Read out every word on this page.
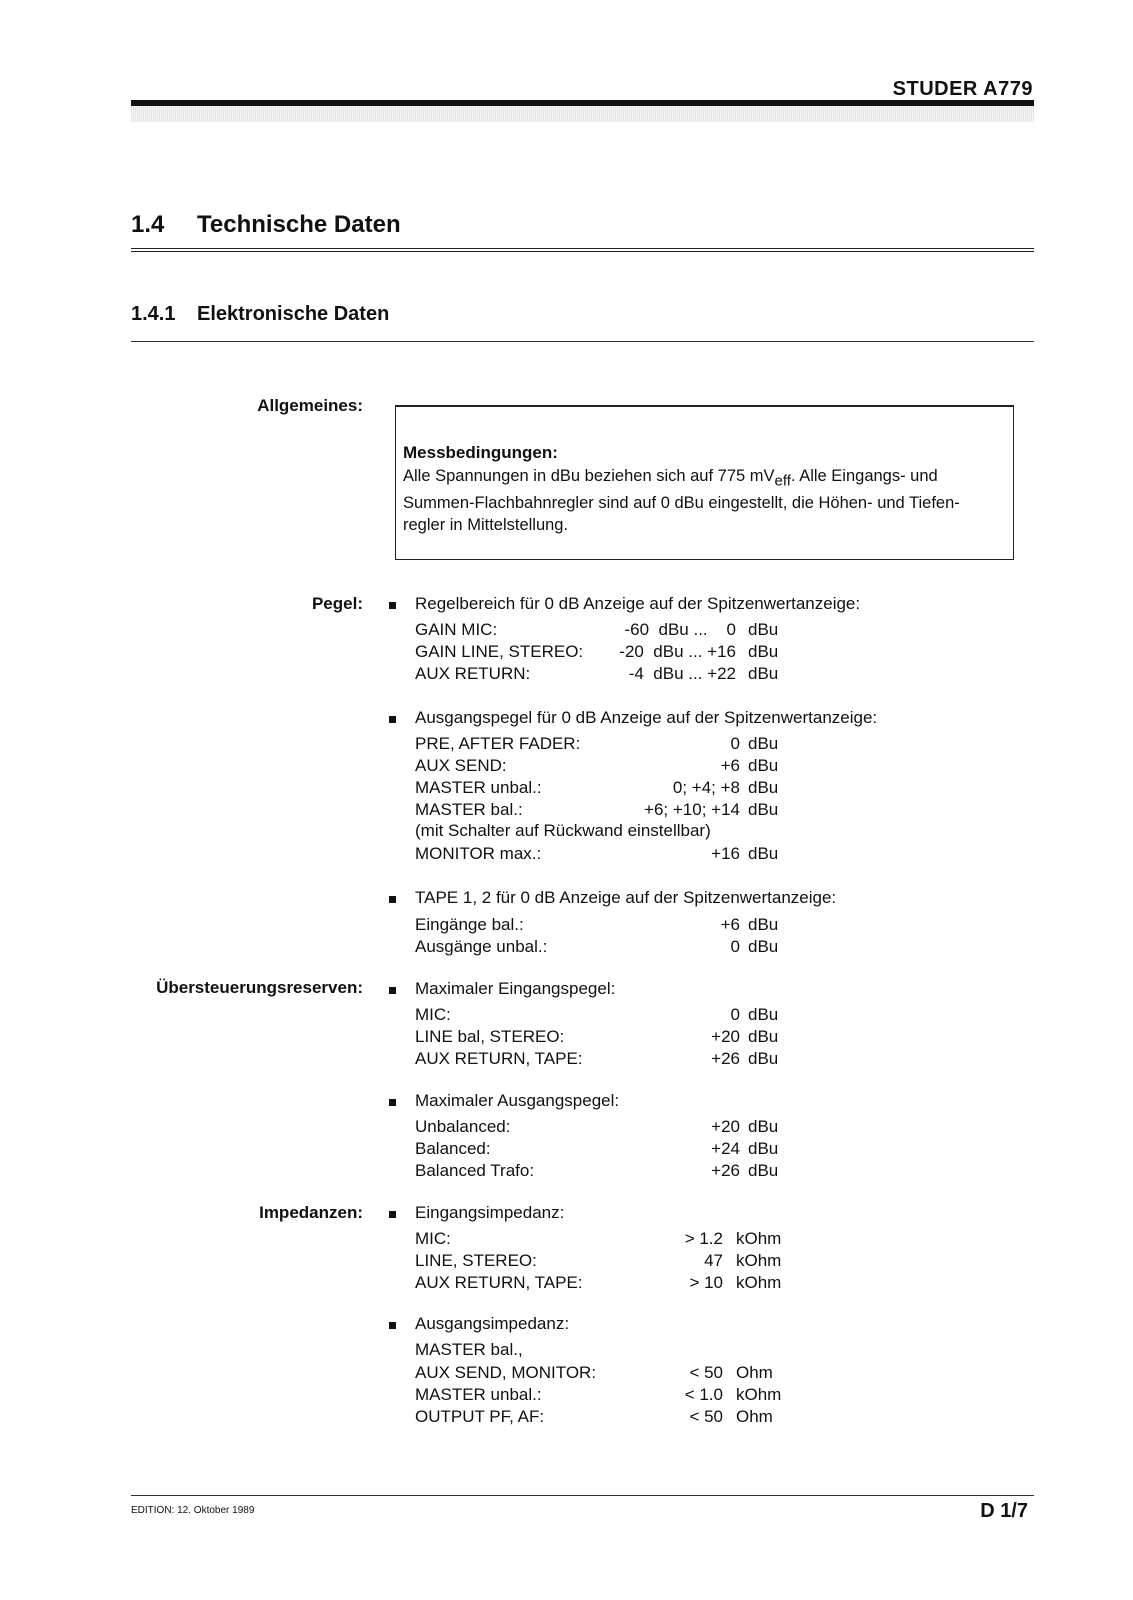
STUDER A779
1.4 Technische Daten
1.4.1 Elektronische Daten
Allgemeines:
Messbedingungen:
Alle Spannungen in dBu beziehen sich auf 775 $mV_{eff}$. Alle Eingangs- und
Summen-Flachbahnregler sind auf 0 dBu eingestellt, die Höhen- und Tiefen-
regler in Mittelstellung.
Pegel:	Regelbereich für 0 dB Anzeige auf der Spitzenwertanzeige:
GAIN MIC:	-60  dBu ...    0 dBu
GAIN LINE, STEREO: -20  dBu ... +16 dBu
AUX RETURN:	-4  dBu ... +22 dBu
Ausgangspegel für 0 dB Anzeige auf der Spitzenwertanzeige:
PRE, AFTER FADER:	0 dBu
AUX SEND:	+6 dBu
MASTER unbal.:	0; +4; +8 dBu
MASTER bal.:	+6; +10; +14 dBu
(mit Schalter auf Rückwand einstellbar)
MONITOR max.:	+16 dBu
TAPE 1, 2 für 0 dB Anzeige auf der Spitzenwertanzeige:
Eingänge bal.:	+6 dBu
Ausgänge unbal.:	0 dBu
Übersteuerungsreserven:	Maximaler Eingangspegel:
MIC:	0 dBu
LINE bal, STEREO:	+20 dBu
AUX RETURN, TAPE:	+26 dBu
Maximaler Ausgangspegel:
Unbalanced:	+20 dBu
Balanced:	+24 dBu
Balanced Trafo:	+26 dBu
Impedanzen:	Eingangsimpedanz:
MIC:	> 1.2 kOhm
LINE, STEREO:	47 kOhm
AUX RETURN, TAPE:	> 10 kOhm
Ausgangsimpedanz:
MASTER bal.,
AUX SEND, MONITOR:	< 50 Ohm
MASTER unbal.:	< 1.0 kOhm
OUTPUT PF, AF:	< 50 Ohm
EDITION: 12. Oktober 1989	D 1/7
